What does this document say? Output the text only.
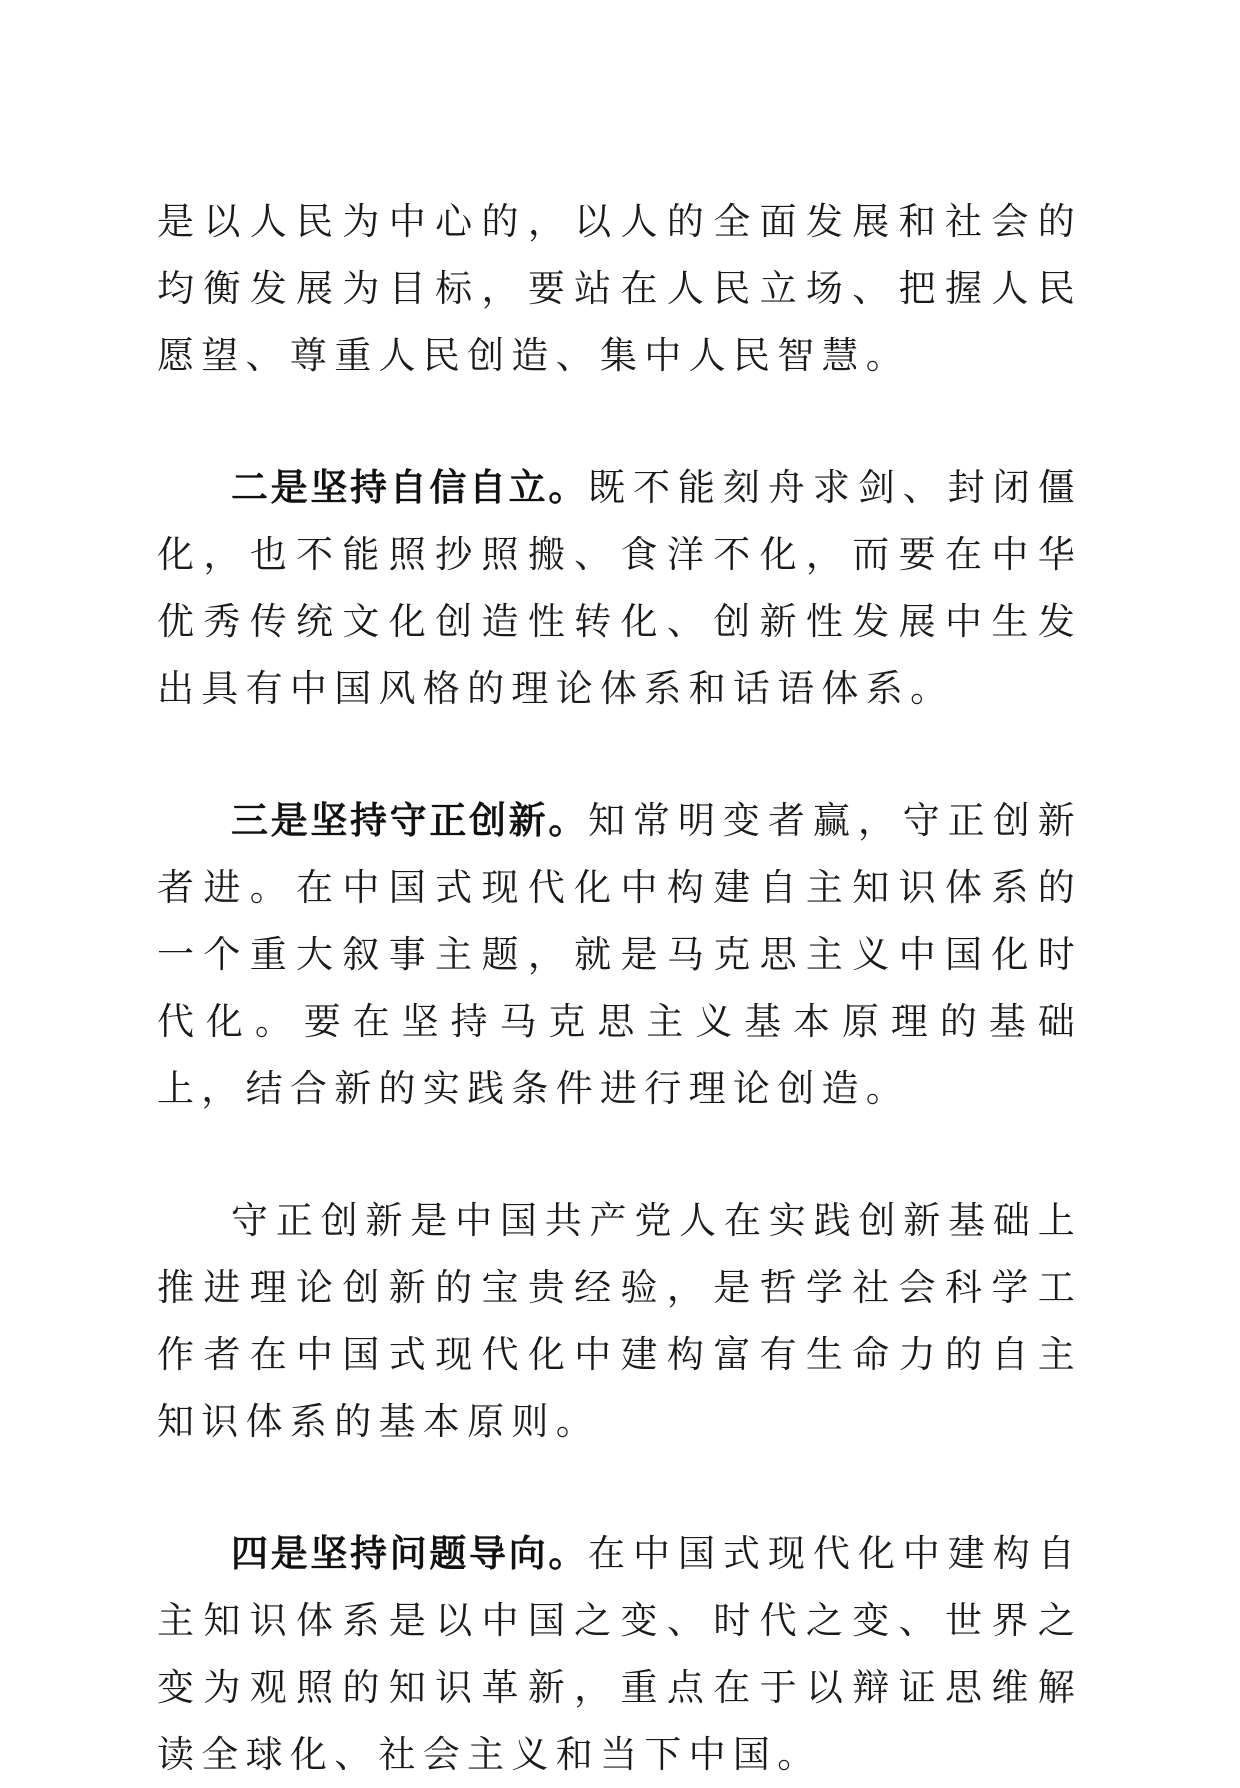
是以人民为中心的，以人的全面发展和社会的均衡发展为目标，要站在人民立场、把握人民愿望、尊重人民创造、集中人民智慧。

二是坚持自信自立。既不能刻舟求剑、封闭僵化，也不能照抄照搬、食洋不化，而要在中华优秀传统文化创造性转化、创新性发展中生发出具有中国风格的理论体系和话语体系。

三是坚持守正创新。知常明变者赢，守正创新者进。在中国式现代化中构建自主知识体系的一个重大叙事主题，就是马克思主义中国化时代化。要在坚持马克思主义基本原理的基础上，结合新的实践条件进行理论创造。

守正创新是中国共产党人在实践创新基础上推进理论创新的宝贵经验，是哲学社会科学工作者在中国式现代化中建构富有生命力的自主知识体系的基本原则。

四是坚持问题导向。在中国式现代化中建构自主知识体系是以中国之变、时代之变、世界之变为观照的知识革新，重点在于以辩证思维解读全球化、社会主义和当下中国。
